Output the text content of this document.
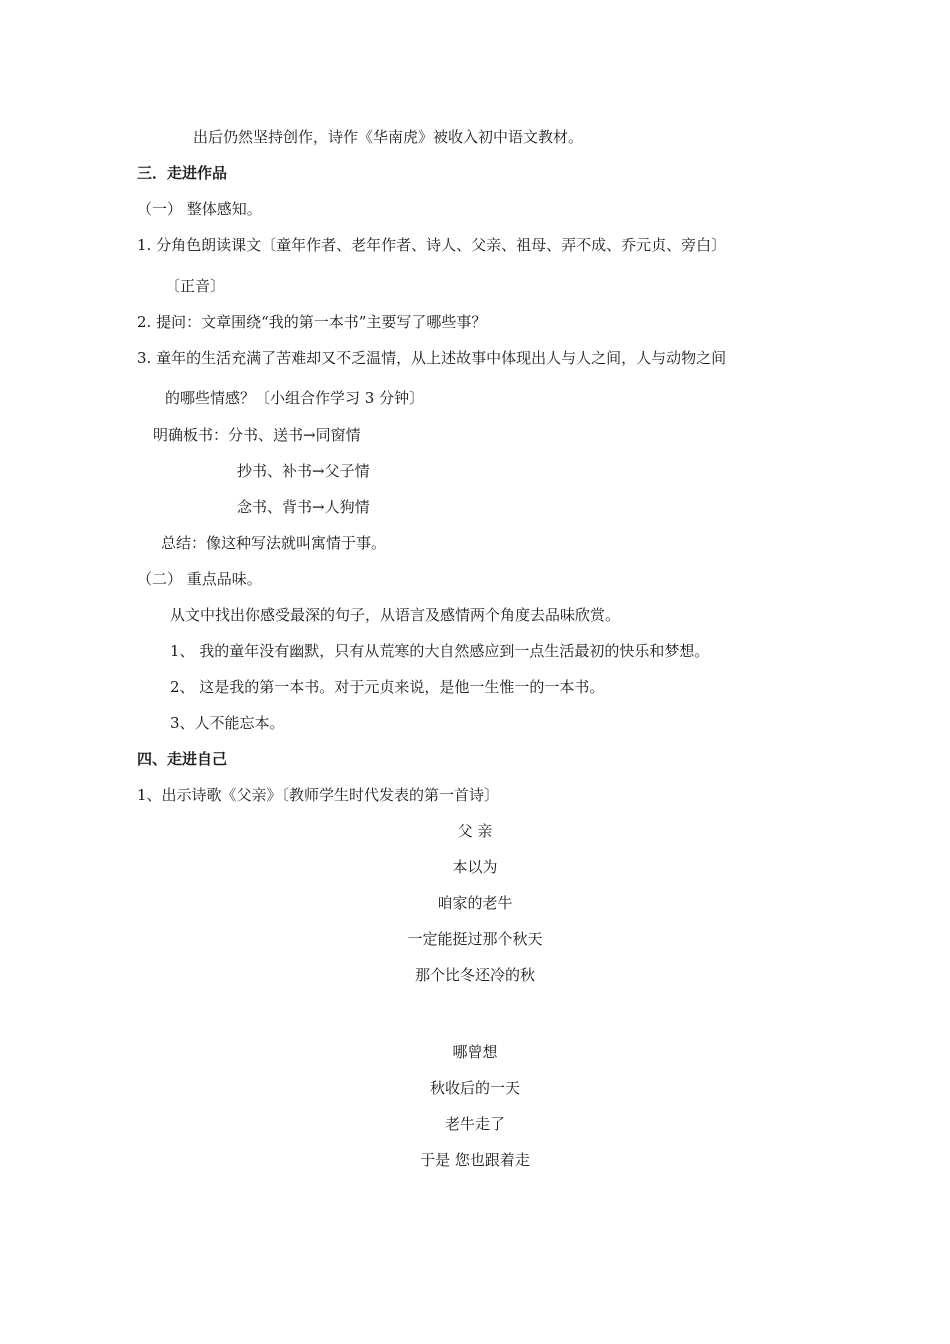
出后仍然坚持创作，诗作《华南虎》被收入初中语文教材。
三．走进作品
（一） 整体感知。
1. 分角色朗读课文〔童年作者、老年作者、诗人、父亲、祖母、弄不成、乔元贞、旁白〕
〔正音〕
2. 提问：文章围绕“我的第一本书”主要写了哪些事？
3. 童年的生活充满了苦难却又不乏温情，从上述故事中体现出人与人之间，人与动物之间
的哪些情感？〔小组合作学习 3 分钟〕
明确板书：分书、送书→同窗情
抄书、补书→父子情
念书、背书→人狗情
总结：像这种写法就叫寓情于事。
（二） 重点品味。
从文中找出你感受最深的句子，从语言及感情两个角度去品味欣赏。
1、 我的童年没有幽默，只有从荒寒的大自然感应到一点生活最初的快乐和梦想。
2、 这是我的第一本书。对于元贞来说，是他一生惟一的一本书。
3、人不能忘本。
四、走进自己
1、出示诗歌《父亲》〔教师学生时代发表的第一首诗〕
父 亲
本以为
咱家的老牛
一定能挺过那个秋天
那个比冬还冷的秋
哪曾想
秋收后的一天
老牛走了
于是 您也跟着走
